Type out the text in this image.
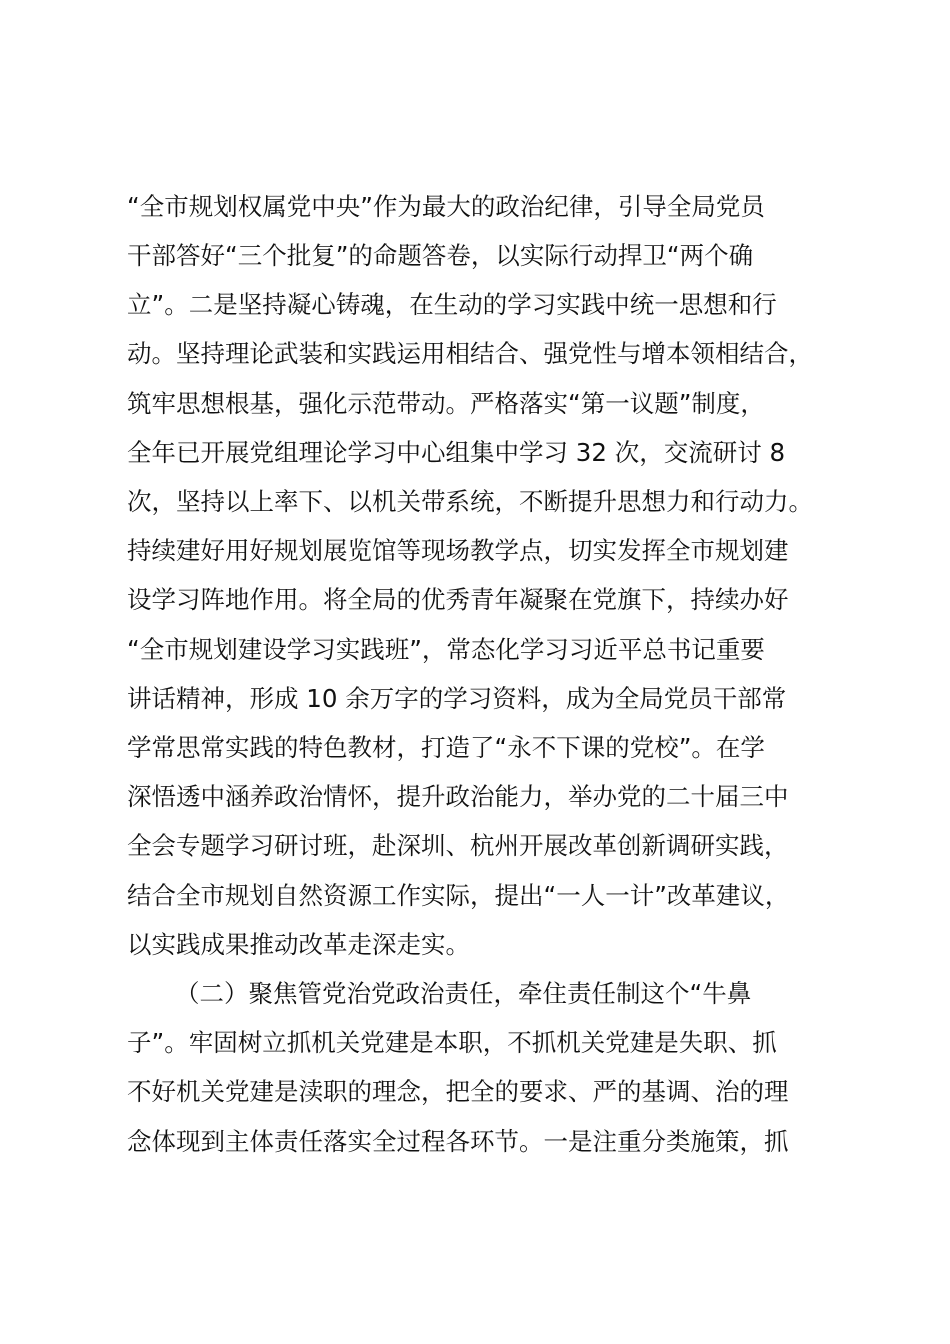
“全市规划权属党中央”作为最大的政治纪律，引导全局党员

干部答好“三个批复”的命题答卷，以实际行动捍卫“两个确

立”。二是坚持凝心铸魂，在生动的学习实践中统一思想和行

动。坚持理论武装和实践运用相结合、强党性与增本领相结合，

筑牢思想根基，强化示范带动。严格落实“第一议题”制度，

全年已开展党组理论学习中心组集中学习 32 次，交流研讨 8

次，坚持以上率下、以机关带系统，不断提升思想力和行动力。

持续建好用好规划展览馆等现场教学点，切实发挥全市规划建

设学习阵地作用。将全局的优秀青年凝聚在党旗下，持续办好

“全市规划建设学习实践班”，常态化学习习近平总书记重要

讲话精神，形成 10 余万字的学习资料，成为全局党员干部常

学常思常实践的特色教材，打造了“永不下课的党校”。在学

深悟透中涵养政治情怀，提升政治能力，举办党的二十届三中

全会专题学习研讨班，赴深圳、杭州开展改革创新调研实践，

结合全市规划自然资源工作实际，提出“一人一计”改革建议，

以实践成果推动改革走深走实。

（二）聚焦管党治党政治责任，牵住责任制这个“牛鼻

子”。牢固树立抓机关党建是本职，不抓机关党建是失职、抓

不好机关党建是渎职的理念，把全的要求、严的基调、治的理

念体现到主体责任落实全过程各环节。一是注重分类施策，抓
